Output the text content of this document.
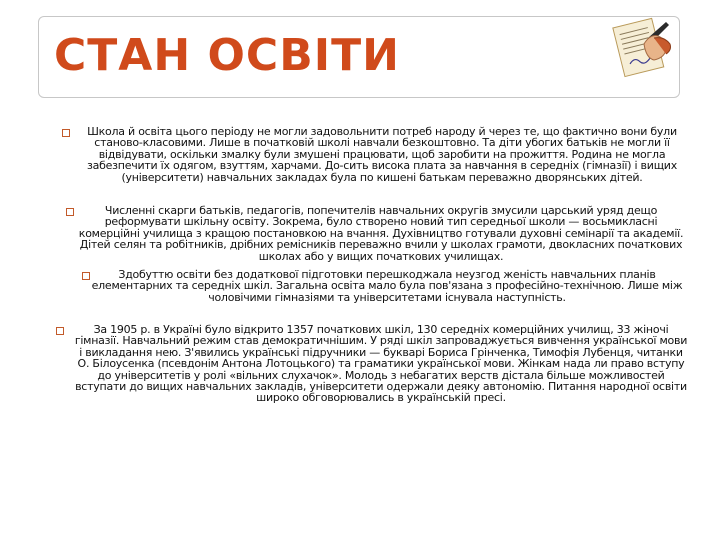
СТАН ОСВІТИ
Школа й освіта цього періоду не могли задовольнити потреб народу й через те, що фактично вони були станово-класовими. Лише в початковій школі навчали безкоштовно. Та діти убогих батьків не могли її відвідувати, оскільки змалку були змушені працювати, щоб заробити на прожиття. Родина не могла забезпечити їх одягом, взуттям, харчами. До-сить висока плата за навчання в середніх (гімназії) і вищих (університети) навчальних закладах була по кишені батькам переважно дворянських дітей.
Численні скарги батьків, педагогів, попечителів навчальних округів змусили царський уряд дещо реформувати шкільну освіту. Зокрема, було створено новий тип середньої школи — восьмикласні комерційні училища з кращою постановкою на вчання. Духівництво готували духовні семінарії та академії. Дітей селян та робітників, дрібних ремісників переважно вчили у школах грамоти, двокласних початкових школах або у вищих початкових училищах.
Здобуттю освіти без додаткової підготовки перешкоджала неузгод женість навчальних планів елементарних та середніх шкіл. Загальна освіта мало була пов'язана з професійно-технічною. Лише між чоловічими гімназіями та університетами існувала наступність.
За 1905 р. в Україні було відкрито 1357 початкових шкіл, 130 середніх комерційних училищ, 33 жіночі гімназії. Навчальний режим став демократичнішим. У ряді шкіл запроваджується вивчення української мови і викладання нею. З'явились українські підручники — букварі Бориса Грінченка, Тимофія Лубенця, читанки О. Білоусенка (псевдонім Антона Лотоцького) та граматики української мови. Жінкам нада ли право вступу до університетів у ролі «вільних слухачок». Молодь з небагатих верств дістала більше можливостей вступати до вищих навчальних закладів, університети одержали деяку автономію. Питання народної освіти широко обговорювались в українській пресі.
